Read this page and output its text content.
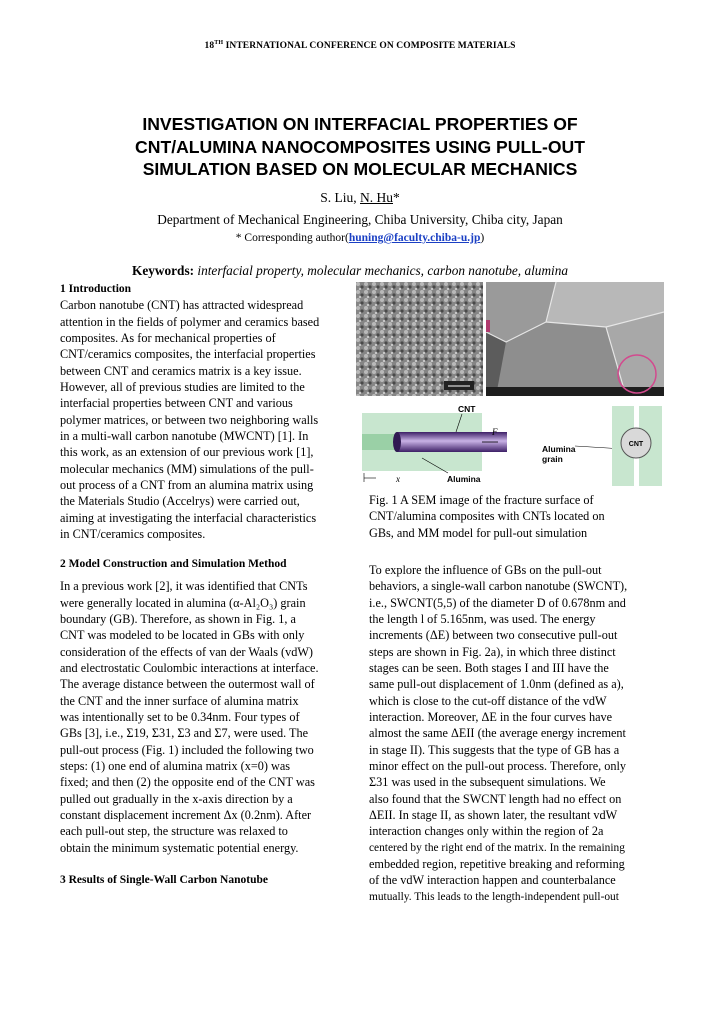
18TH INTERNATIONAL CONFERENCE ON COMPOSITE MATERIALS
INVESTIGATION ON INTERFACIAL PROPERTIES OF
CNT/ALUMINA NANOCOMPOSITES USING PULL-OUT
SIMULATION BASED ON MOLECULAR MECHANICS
S. Liu, N. Hu*
Department of Mechanical Engineering, Chiba University, Chiba city, Japan
* Corresponding author(huning@faculty.chiba-u.jp)
Keywords: interfacial property, molecular mechanics, carbon nanotube, alumina
1 Introduction

Carbon nanotube (CNT) has attracted widespread

attention in the fields of polymer and ceramics based

composites. As for mechanical properties of

CNT/ceramics composites, the interfacial properties

between CNT and ceramics matrix is a key issue.

However, all of previous studies are limited to the

interfacial properties between CNT and various

polymer matrices, or between two neighboring walls

in a multi-wall carbon nanotube (MWCNT) [1]. In

this work, as an extension of our previous work [1],

molecular mechanics (MM) simulations of the pull-

out process of a CNT from an alumina matrix using

the Materials Studio (Accelrys) were carried out,

aiming at investigating the interfacial characteristics

in CNT/ceramics composites.

2 Model Construction and Simulation Method

In a previous work [2], it was identified that CNTs

were generally located in alumina (α-Al₂O₃) grain

boundary (GB). Therefore, as shown in Fig. 1, a

CNT was modeled to be located in GBs with only

consideration of the effects of van der Waals (vdW)

and electrostatic Coulombic interactions at interface.

The average distance between the outermost wall of

the CNT and the inner surface of alumina matrix

was intentionally set to be 0.34nm. Four types of

GBs [3], i.e., Σ19, Σ31, Σ3 and Σ7, were used. The

pull-out process (Fig. 1) included the following two

steps: (1) one end of alumina matrix (x=0) was

fixed; and then (2) the opposite end of the CNT was

pulled out gradually in the x-axis direction by a

constant displacement increment Δx (0.2nm). After

each pull-out step, the structure was relaxed to

obtain the minimum systematic potential energy.

3 Results of Single-Wall Carbon Nanotube
F
CNT
x	Alumina
Alumina
grain
CNT
Fig. 1 A SEM image of the fracture surface of
CNT/alumina composites with CNTs located on
GBs, and MM model for pull-out simulation

To explore the influence of GBs on the pull-out

behaviors, a single-wall carbon nanotube (SWCNT),

i.e., SWCNT(5,5) of the diameter D of 0.678nm and

the length l of 5.165nm, was used. The energy

increments (ΔE) between two consecutive pull-out

steps are shown in Fig. 2a), in which three distinct

stages can be seen. Both stages I and III have the

same pull-out displacement of 1.0nm (defined as a),

which is close to the cut-off distance of the vdW

interaction. Moreover, ΔE in the four curves have

almost the same ΔEII (the average energy increment

in stage II). This suggests that the type of GB has a

minor effect on the pull-out process. Therefore, only

Σ31 was used in the subsequent simulations. We

also found that the SWCNT length had no effect on

ΔEII. In stage II, as shown later, the resultant vdW

interaction changes only within the region of 2a

centered by the right end of the matrix. In the remaining

embedded region, repetitive breaking and reforming

of the vdW interaction happen and counterbalance

mutually. This leads to the length-independent pull-out
